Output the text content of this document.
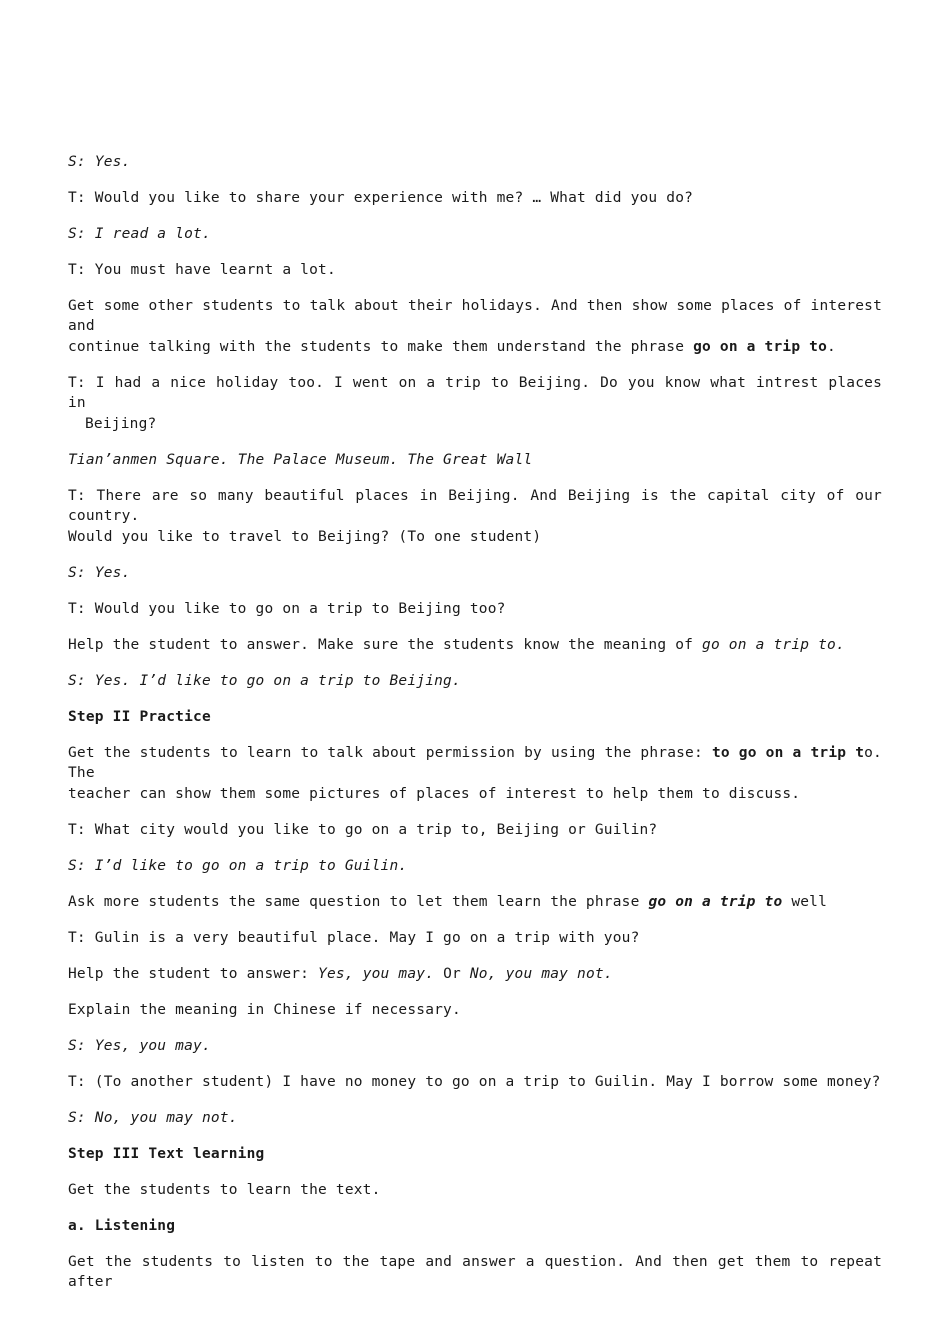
S: Yes.
T: Would you like to share your experience with me? … What did you do?
S: I read a lot.
T: You must have learnt a lot.
Get some other students to talk about their holidays. And then show some places of interest and
continue talking with the students to make them understand the phrase go on a trip to.
T: I had a nice holiday too. I went on a trip to Beijing. Do you know what intrest places in
Beijing?
Tian’anmen Square. The Palace Museum. The Great Wall
T: There are so many beautiful places in Beijing. And Beijing is the capital city of our country.
Would you like to travel to Beijing? (To one student)
S: Yes.
T: Would you like to go on a trip to Beijing too?
Help the student to answer. Make sure the students know the meaning of go on a trip to.
S: Yes. I’d like to go on a trip to Beijing.
Step II Practice
Get the students to learn to talk about permission by using the phrase: to go on a trip to. The
teacher can show them some pictures of places of interest to help them to discuss.
T: What city would you like to go on a trip to, Beijing or Guilin?
S: I’d like to go on a trip to Guilin.
Ask more students the same question to let them learn the phrase go on a trip to well
T: Gulin is a very beautiful place. May I go on a trip with you?
Help the student to answer: Yes, you may. Or No, you may not.
Explain the meaning in Chinese if necessary.
S: Yes, you may.
T: (To another student) I have no money to go on a trip to Guilin. May I borrow some money?
S: No, you may not.
Step III Text learning
Get the students to learn the text.
a. Listening
Get the students to listen to the tape and answer a question. And then get them to repeat after
